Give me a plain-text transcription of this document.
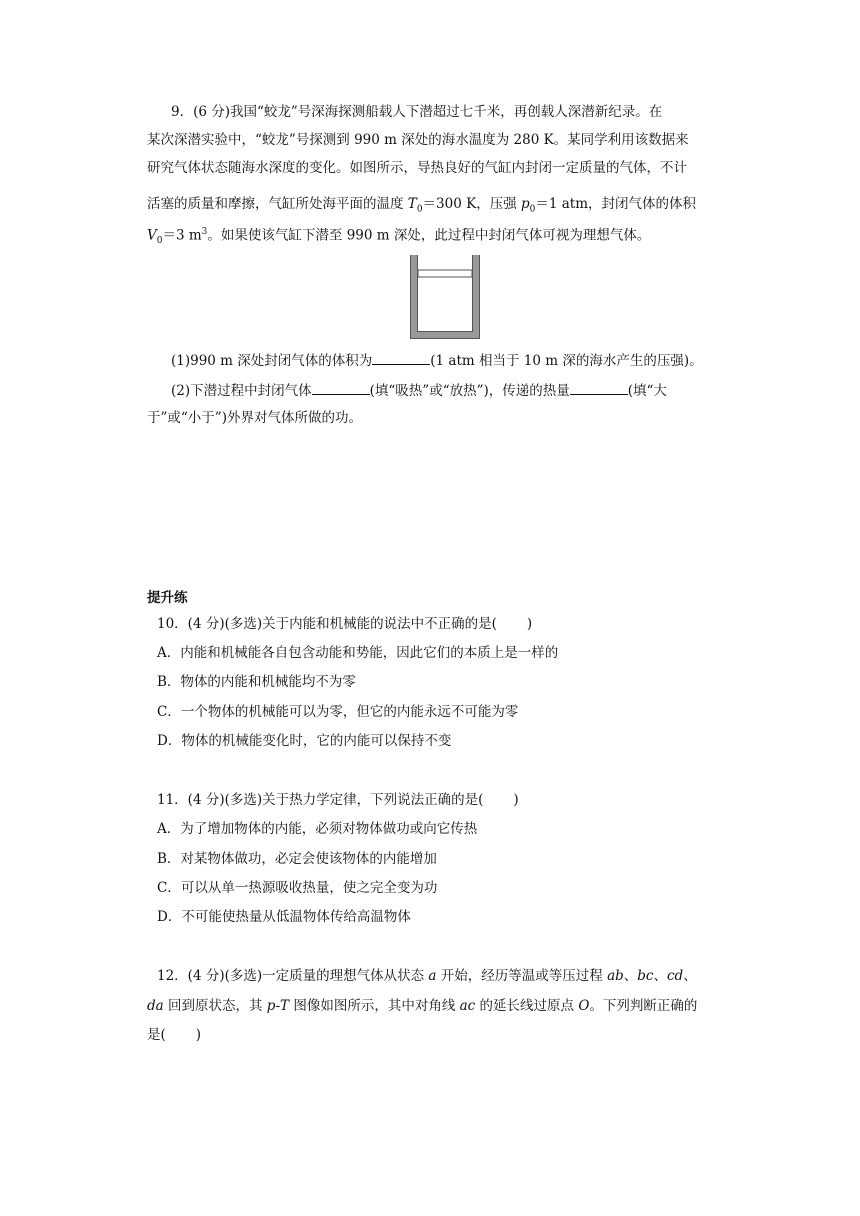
9．(6 分)我国“蛟龙”号深海探测船载人下潜超过七千米，再创载人深潜新纪录。在

某次深潜实验中，“蛟龙”号探测到 990 m 深处的海水温度为 280 K。某同学利用该数据来

研究气体状态随海水深度的变化。如图所示，导热良好的气缸内封闭一定质量的气体，不计

活塞的质量和摩擦，气缸所处海平面的温度 $T_0=300$ K，压强 $p_0=1$ atm，封闭气体的体积

$V_0=3$ $m^3$。如果使该气缸下潜至 990 m 深处，此过程中封闭气体可视为理想气体。

(1)990 m 深处封闭气体的体积为	(1 atm 相当于 10 m 深的海水产生的压强)。

(2)下潜过程中封闭气体	(填“吸热”或“放热”)，传递的热量	(填“大

于”或“小于”)外界对气体所做的功。

提升练

10．(4 分)(多选)关于内能和机械能的说法中不正确的是( )

A．内能和机械能各自包含动能和势能，因此它们的本质上是一样的

B．物体的内能和机械能均不为零

C．一个物体的机械能可以为零，但它的内能永远不可能为零

D．物体的机械能变化时，它的内能可以保持不变

11．(4 分)(多选)关于热力学定律，下列说法正确的是( )

A．为了增加物体的内能，必须对物体做功或向它传热

B．对某物体做功，必定会使该物体的内能增加

C．可以从单一热源吸收热量，使之完全变为功

D．不可能使热量从低温物体传给高温物体

12．(4 分)(多选)一定质量的理想气体从状态 a 开始，经历等温或等压过程 ab、bc、cd、

da 回到原状态，其 p-T 图像如图所示，其中对角线 ac 的延长线过原点 O。下列判断正确的

是( )
